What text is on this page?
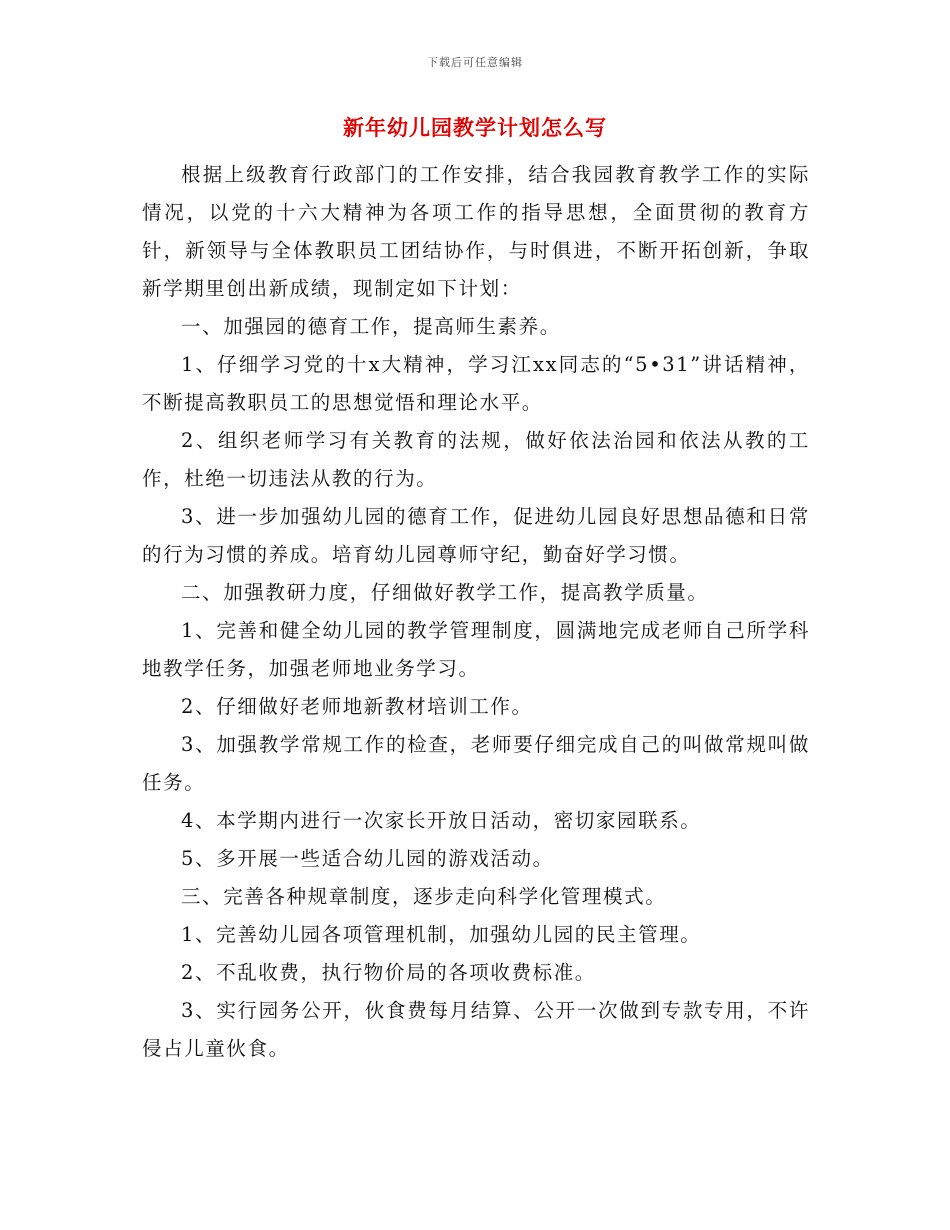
下载后可任意编辑
新年幼儿园教学计划怎么写

根据上级教育行政部门的工作安排，结合我园教育教学工作的实际情况，以党的十六大精神为各项工作的指导思想，全面贯彻的教育方针，新领导与全体教职员工团结协作，与时俱进，不断开拓创新，争取新学期里创出新成绩，现制定如下计划：

一、加强园的德育工作，提高师生素养。

1、仔细学习党的十x大精神，学习江xx同志的“5•31”讲话精神，不断提高教职员工的思想觉悟和理论水平。

2、组织老师学习有关教育的法规，做好依法治园和依法从教的工作，杜绝一切违法从教的行为。

3、进一步加强幼儿园的德育工作，促进幼儿园良好思想品德和日常的行为习惯的养成。培育幼儿园尊师守纪，勤奋好学习惯。

二、加强教研力度，仔细做好教学工作，提高教学质量。

1、完善和健全幼儿园的教学管理制度，圆满地完成老师自己所学科地教学任务，加强老师地业务学习。

2、仔细做好老师地新教材培训工作。

3、加强教学常规工作的检查，老师要仔细完成自己的叫做常规叫做任务。

4、本学期内进行一次家长开放日活动，密切家园联系。

5、多开展一些适合幼儿园的游戏活动。

三、完善各种规章制度，逐步走向科学化管理模式。

1、完善幼儿园各项管理机制，加强幼儿园的民主管理。

2、不乱收费，执行物价局的各项收费标准。

3、实行园务公开，伙食费每月结算、公开一次做到专款专用，不许侵占儿童伙食。
